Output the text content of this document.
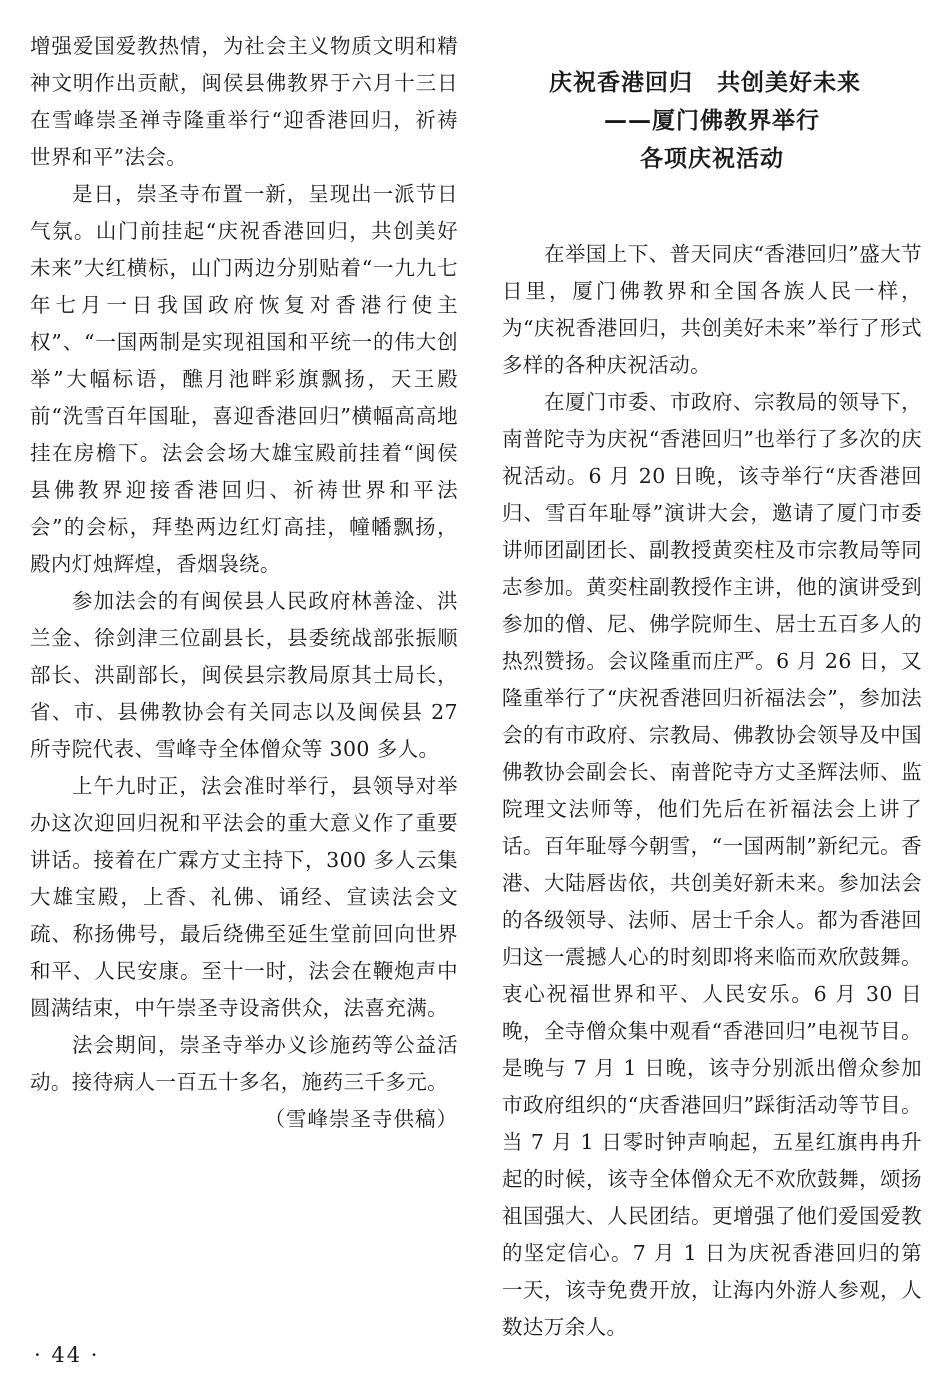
增强爱国爱教热情，为社会主义物质文明和精神文明作出贡献，闽侯县佛教界于六月十三日在雪峰崇圣禅寺隆重举行“迎香港回归，祈祷世界和平”法会。

是日，崇圣寺布置一新，呈现出一派节日气氛。山门前挂起“庆祝香港回归，共创美好未来”大红横标，山门两边分别贴着“一九九七年七月一日我国政府恢复对香港行使主权”、“一国两制是实现祖国和平统一的伟大创举”大幅标语，醮月池畔彩旗飘扬，天王殿前“洗雪百年国耻，喜迎香港回归”横幅高高地挂在房檐下。法会会场大雄宝殿前挂着“闽侯县佛教界迎接香港回归、祈祷世界和平法会”的会标，拜垫两边红灯高挂，幢幡飘扬，殿内灯烛辉煌，香烟袅绕。

参加法会的有闽侯县人民政府林善淦、洪兰金、徐剑津三位副县长，县委统战部张振顺部长、洪副部长，闽侯县宗教局原其士局长，省、市、县佛教协会有关同志以及闽侯县 27 所寺院代表、雪峰寺全体僧众等 300 多人。

上午九时正，法会准时举行，县领导对举办这次迎回归祝和平法会的重大意义作了重要讲话。接着在广霖方丈主持下，300 多人云集大雄宝殿，上香、礼佛、诵经、宣读法会文疏、称扬佛号，最后绕佛至延生堂前回向世界和平、人民安康。至十一时，法会在鞭炮声中圆满结束，中午崇圣寺设斋供众，法喜充满。

法会期间，崇圣寺举办义诊施药等公益活动。接待病人一百五十多名，施药三千多元。

（雪峰崇圣寺供稿）

庆祝香港回归　共创美好未来
——厦门佛教界举行
各项庆祝活动

在举国上下、普天同庆“香港回归”盛大节日里，厦门佛教界和全国各族人民一样，为“庆祝香港回归，共创美好未来”举行了形式多样的各种庆祝活动。

在厦门市委、市政府、宗教局的领导下，南普陀寺为庆祝“香港回归”也举行了多次的庆祝活动。6 月 20 日晚，该寺举行“庆香港回归、雪百年耻辱”演讲大会，邀请了厦门市委讲师团副团长、副教授黄奕柱及市宗教局等同志参加。黄奕柱副教授作主讲，他的演讲受到参加的僧、尼、佛学院师生、居士五百多人的热烈赞扬。会议隆重而庄严。6 月 26 日，又隆重举行了“庆祝香港回归祈福法会”，参加法会的有市政府、宗教局、佛教协会领导及中国佛教协会副会长、南普陀寺方丈圣辉法师、监院理文法师等，他们先后在祈福法会上讲了话。百年耻辱今朝雪，“一国两制”新纪元。香港、大陆唇齿依，共创美好新未来。参加法会的各级领导、法师、居士千余人。都为香港回归这一震撼人心的时刻即将来临而欢欣鼓舞。衷心祝福世界和平、人民安乐。6 月 30 日晚，全寺僧众集中观看“香港回归”电视节目。是晚与 7 月 1 日晚，该寺分别派出僧众参加市政府组织的“庆香港回归”踩街活动等节目。当 7 月 1 日零时钟声响起，五星红旗冉冉升起的时候，该寺全体僧众无不欢欣鼓舞，颂扬祖国强大、人民团结。更增强了他们爱国爱教的坚定信心。7 月 1 日为庆祝香港回归的第一天，该寺免费开放，让海内外游人参观，人数达万余人。

· 44 ·
